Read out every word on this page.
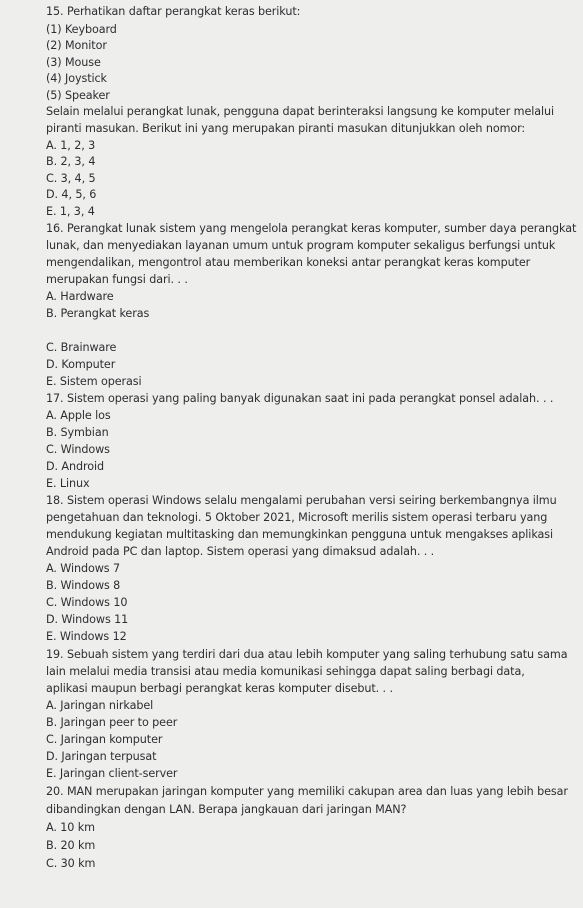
15. Perhatikan daftar perangkat keras berikut:
(1) Keyboard
(2) Monitor
(3) Mouse
(4) Joystick
(5) Speaker
Selain melalui perangkat lunak, pengguna dapat berinteraksi langsung ke komputer melalui
piranti masukan. Berikut ini yang merupakan piranti masukan ditunjukkan oleh nomor:
A. 1, 2, 3
B. 2, 3, 4
C. 3, 4, 5
D. 4, 5, 6
E. 1, 3, 4
16. Perangkat lunak sistem yang mengelola perangkat keras komputer, sumber daya perangkat
lunak, dan menyediakan layanan umum untuk program komputer sekaligus berfungsi untuk
mengendalikan, mengontrol atau memberikan koneksi antar perangkat keras komputer
merupakan fungsi dari. . .
A. Hardware
B. Perangkat keras
C. Brainware
D. Komputer
E. Sistem operasi
17. Sistem operasi yang paling banyak digunakan saat ini pada perangkat ponsel adalah. . .
A. Apple los
B. Symbian
C. Windows
D. Android
E. Linux
18. Sistem operasi Windows selalu mengalami perubahan versi seiring berkembangnya ilmu
pengetahuan dan teknologi. 5 Oktober 2021, Microsoft merilis sistem operasi terbaru yang
mendukung kegiatan multitasking dan memungkinkan pengguna untuk mengakses aplikasi
Android pada PC dan laptop. Sistem operasi yang dimaksud adalah. . .
A. Windows 7
B. Windows 8
C. Windows 10
D. Windows 11
E. Windows 12
19. Sebuah sistem yang terdiri dari dua atau lebih komputer yang saling terhubung satu sama
lain melalui media transisi atau media komunikasi sehingga dapat saling berbagi data,
aplikasi maupun berbagi perangkat keras komputer disebut. . .
A. Jaringan nirkabel
B. Jaringan peer to peer
C. Jaringan komputer
D. Jaringan terpusat
E. Jaringan client-server
20. MAN merupakan jaringan komputer yang memiliki cakupan area dan luas yang lebih besar
dibandingkan dengan LAN. Berapa jangkauan dari jaringan MAN?
A. 10 km
B. 20 km
C. 30 km
